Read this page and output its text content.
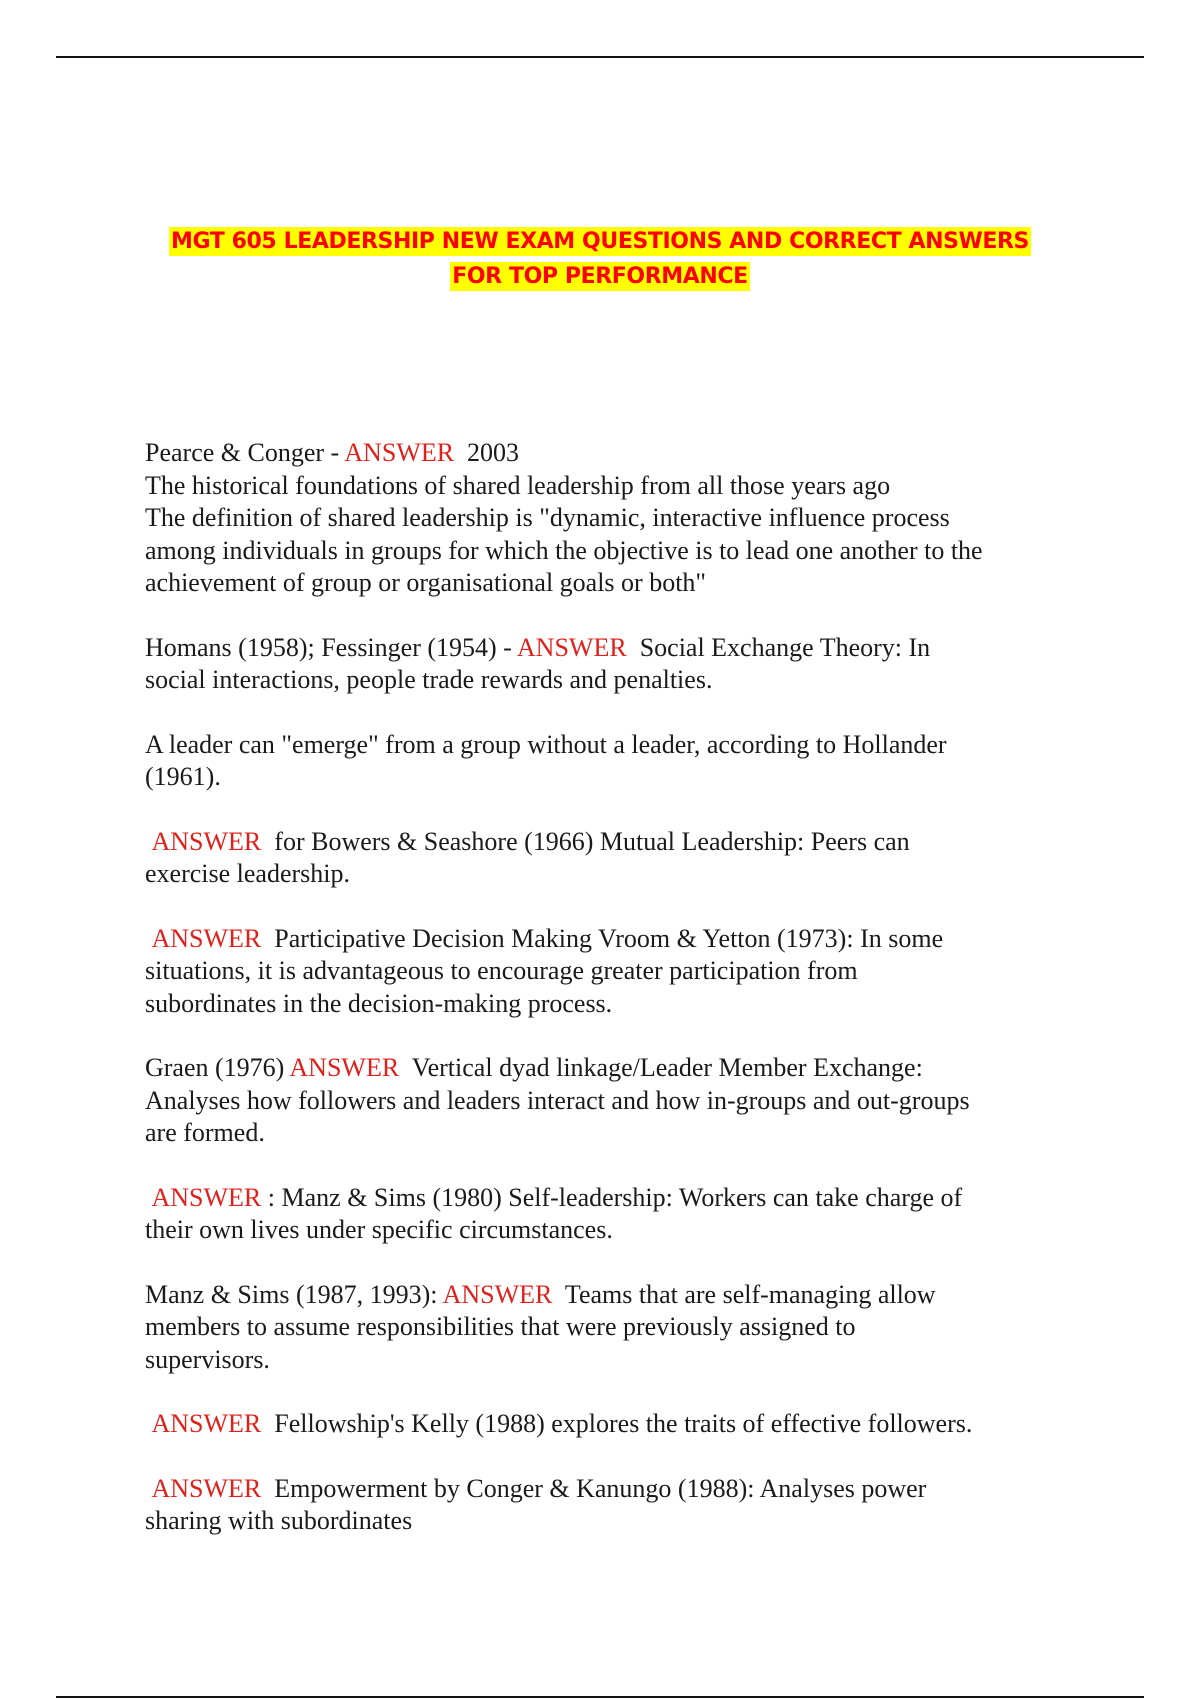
MGT 605 LEADERSHIP NEW EXAM QUESTIONS AND CORRECT ANSWERS
FOR TOP PERFORMANCE
Pearce & Conger - ANSWER 2003
The historical foundations of shared leadership from all those years ago
The definition of shared leadership is "dynamic, interactive influence process
among individuals in groups for which the objective is to lead one another to the
achievement of group or organisational goals or both"
Homans (1958); Fessinger (1954) - ANSWER Social Exchange Theory: In
social interactions, people trade rewards and penalties.
A leader can "emerge" from a group without a leader, according to Hollander
(1961).
ANSWER for Bowers & Seashore (1966) Mutual Leadership: Peers can
exercise leadership.
ANSWER Participative Decision Making Vroom & Yetton (1973): In some
situations, it is advantageous to encourage greater participation from
subordinates in the decision-making process.
Graen (1976) ANSWER Vertical dyad linkage/Leader Member Exchange:
Analyses how followers and leaders interact and how in-groups and out-groups
are formed.
ANSWER : Manz & Sims (1980) Self-leadership: Workers can take charge of
their own lives under specific circumstances.
Manz & Sims (1987, 1993): ANSWER Teams that are self-managing allow
members to assume responsibilities that were previously assigned to
supervisors.
ANSWER Fellowship's Kelly (1988) explores the traits of effective followers.
ANSWER Empowerment by Conger & Kanungo (1988): Analyses power
sharing with subordinates
